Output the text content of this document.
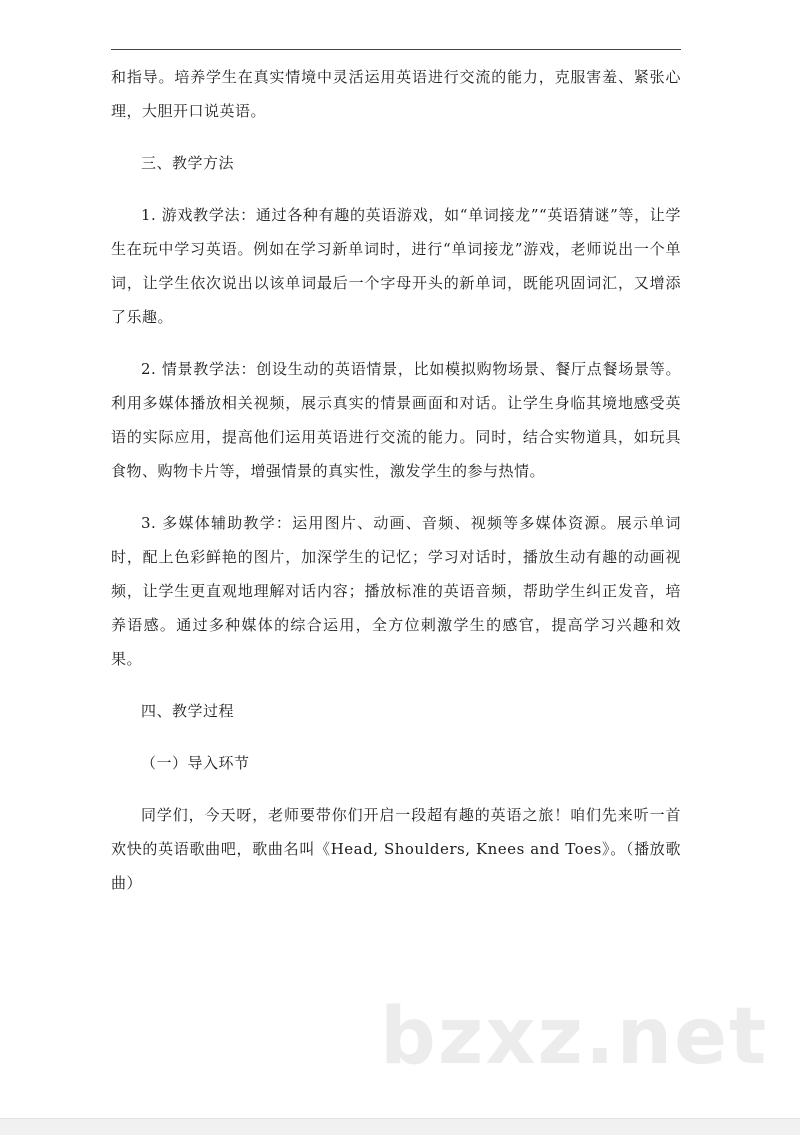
和指导。培养学生在真实情境中灵活运用英语进行交流的能力，克服害羞、紧张心理，大胆开口说英语。

三、教学方法

1. 游戏教学法：通过各种有趣的英语游戏，如“单词接龙”“英语猜谜”等，让学生在玩中学习英语。例如在学习新单词时，进行“单词接龙”游戏，老师说出一个单词，让学生依次说出以该单词最后一个字母开头的新单词，既能巩固词汇，又增添了乐趣。

2. 情景教学法：创设生动的英语情景，比如模拟购物场景、餐厅点餐场景等。利用多媒体播放相关视频，展示真实的情景画面和对话。让学生身临其境地感受英语的实际应用，提高他们运用英语进行交流的能力。同时，结合实物道具，如玩具食物、购物卡片等，增强情景的真实性，激发学生的参与热情。

3. 多媒体辅助教学：运用图片、动画、音频、视频等多媒体资源。展示单词时，配上色彩鲜艳的图片，加深学生的记忆；学习对话时，播放生动有趣的动画视频，让学生更直观地理解对话内容；播放标准的英语音频，帮助学生纠正发音，培养语感。通过多种媒体的综合运用，全方位刺激学生的感官，提高学习兴趣和效果。

四、教学过程

（一）导入环节

同学们，今天呀，老师要带你们开启一段超有趣的英语之旅！咱们先来听一首欢快的英语歌曲吧，歌曲名叫《Head, Shoulders, Knees and Toes》。（播放歌曲）

bzxz.net
